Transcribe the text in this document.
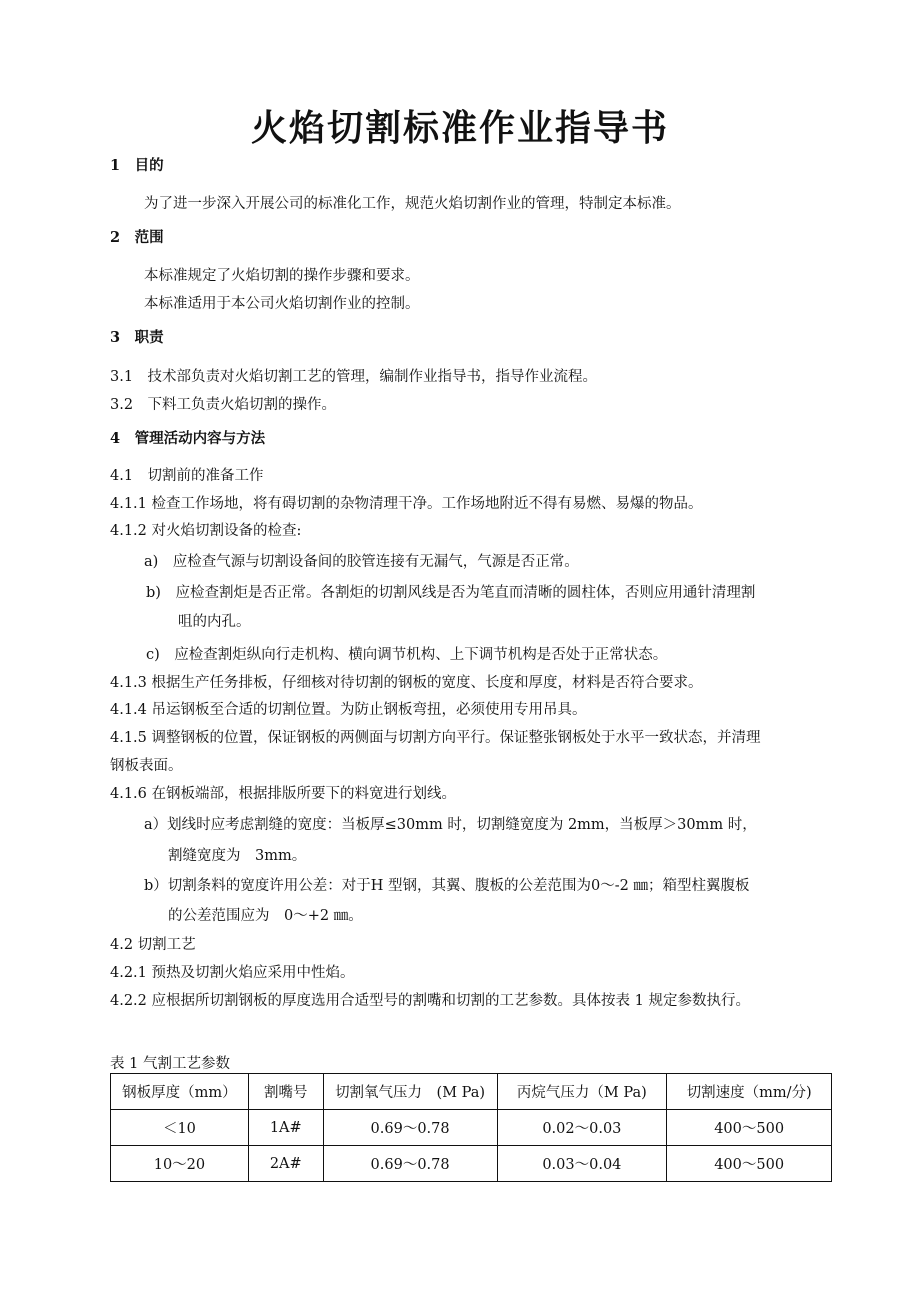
火焰切割标准作业指导书
1　目的
为了进一步深入开展公司的标准化工作，规范火焰切割作业的管理，特制定本标准。
2　范围
本标准规定了火焰切割的操作步骤和要求。
本标准适用于本公司火焰切割作业的控制。
3　职责
3.1　技术部负责对火焰切割工艺的管理，编制作业指导书，指导作业流程。
3.2　下料工负责火焰切割的操作。
4　管理活动内容与方法
4.1　切割前的准备工作
4.1.1 检查工作场地，将有碍切割的杂物清理干净。工作场地附近不得有易燃、易爆的物品。
4.1.2 对火焰切割设备的检查:
a)　应检查气源与切割设备间的胶管连接有无漏气，气源是否正常。
b)　应检查割炬是否正常。各割炬的切割风线是否为笔直而清晰的圆柱体，否则应用通针清理割
咀的内孔。
c)　应检查割炬纵向行走机构、横向调节机构、上下调节机构是否处于正常状态。
4.1.3 根据生产任务排板，仔细核对待切割的钢板的宽度、长度和厚度，材料是否符合要求。
4.1.4 吊运钢板至合适的切割位置。为防止钢板弯扭，必须使用专用吊具。
4.1.5 调整钢板的位置，保证钢板的两侧面与切割方向平行。保证整张钢板处于水平一致状态，并清理
钢板表面。
4.1.6 在钢板端部，根据排版所要下的料宽进行划线。
a）划线时应考虑割缝的宽度：当板厚≤30mm 时，切割缝宽度为 2mm，当板厚＞30mm 时，
割缝宽度为　3mm。
b）切割条料的宽度许用公差：对于H 型钢，其翼、腹板的公差范围为0～-2 ㎜；箱型柱翼腹板
的公差范围应为　0～+2 ㎜。
4.2 切割工艺
4.2.1 预热及切割火焰应采用中性焰。
4.2.2 应根据所切割钢板的厚度选用合适型号的割嘴和切割的工艺参数。具体按表 1 规定参数执行。
表 1 气割工艺参数
钢板厚度（mm）	割嘴号	切割氧气压力　(M Pa)	丙烷气压力（M Pa)	切割速度（mm/分)
＜10	1A#	0.69～0.78	0.02～0.03	400～500
10～20	2A#	0.69～0.78	0.03～0.04	400～500
